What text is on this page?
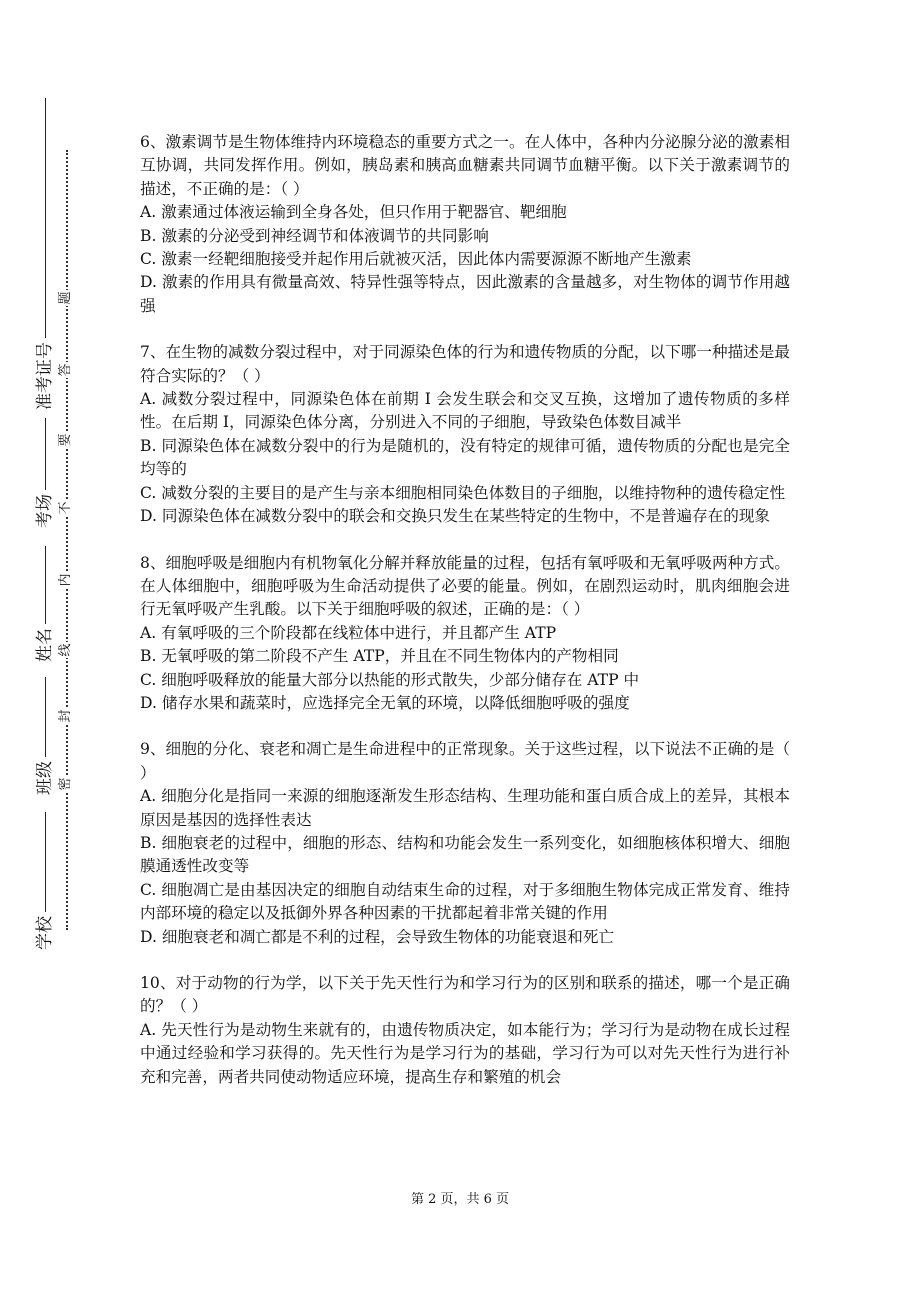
题
答
要
不
内
线
封
密
准考证号
考场
姓名
班级
学校

6、激素调节是生物体维持内环境稳态的重要方式之一。在人体中，各种内分泌腺分泌的激素相互协调，共同发挥作用。例如，胰岛素和胰高血糖素共同调节血糖平衡。以下关于激素调节的描述，不正确的是：（ ）

A. 激素通过体液运输到全身各处，但只作用于靶器官、靶细胞

B. 激素的分泌受到神经调节和体液调节的共同影响

C. 激素一经靶细胞接受并起作用后就被灭活，因此体内需要源源不断地产生激素

D. 激素的作用具有微量高效、特异性强等特点，因此激素的含量越多，对生物体的调节作用越强

7、在生物的减数分裂过程中，对于同源染色体的行为和遗传物质的分配，以下哪一种描述是最符合实际的？（ ）

A. 减数分裂过程中，同源染色体在前期 I 会发生联会和交叉互换，这增加了遗传物质的多样性。在后期 I，同源染色体分离，分别进入不同的子细胞，导致染色体数目减半

B. 同源染色体在减数分裂中的行为是随机的，没有特定的规律可循，遗传物质的分配也是完全均等的

C. 减数分裂的主要目的是产生与亲本细胞相同染色体数目的子细胞，以维持物种的遗传稳定性

D. 同源染色体在减数分裂中的联会和交换只发生在某些特定的生物中，不是普遍存在的现象

8、细胞呼吸是细胞内有机物氧化分解并释放能量的过程，包括有氧呼吸和无氧呼吸两种方式。在人体细胞中，细胞呼吸为生命活动提供了必要的能量。例如，在剧烈运动时，肌肉细胞会进行无氧呼吸产生乳酸。以下关于细胞呼吸的叙述，正确的是：（ ）

A. 有氧呼吸的三个阶段都在线粒体中进行，并且都产生 ATP

B. 无氧呼吸的第二阶段不产生 ATP，并且在不同生物体内的产物相同

C. 细胞呼吸释放的能量大部分以热能的形式散失，少部分储存在 ATP 中

D. 储存水果和蔬菜时，应选择完全无氧的环境，以降低细胞呼吸的强度

9、细胞的分化、衰老和凋亡是生命进程中的正常现象。关于这些过程，以下说法不正确的是（ ）

A. 细胞分化是指同一来源的细胞逐渐发生形态结构、生理功能和蛋白质合成上的差异，其根本原因是基因的选择性表达

B. 细胞衰老的过程中，细胞的形态、结构和功能会发生一系列变化，如细胞核体积增大、细胞膜通透性改变等

C. 细胞凋亡是由基因决定的细胞自动结束生命的过程，对于多细胞生物体完成正常发育、维持内部环境的稳定以及抵御外界各种因素的干扰都起着非常关键的作用

D. 细胞衰老和凋亡都是不利的过程，会导致生物体的功能衰退和死亡

10、对于动物的行为学，以下关于先天性行为和学习行为的区别和联系的描述，哪一个是正确的？（ ）

A. 先天性行为是动物生来就有的，由遗传物质决定，如本能行为；学习行为是动物在成长过程中通过经验和学习获得的。先天性行为是学习行为的基础，学习行为可以对先天性行为进行补充和完善，两者共同使动物适应环境，提高生存和繁殖的机会

第 2 页，共 6 页
